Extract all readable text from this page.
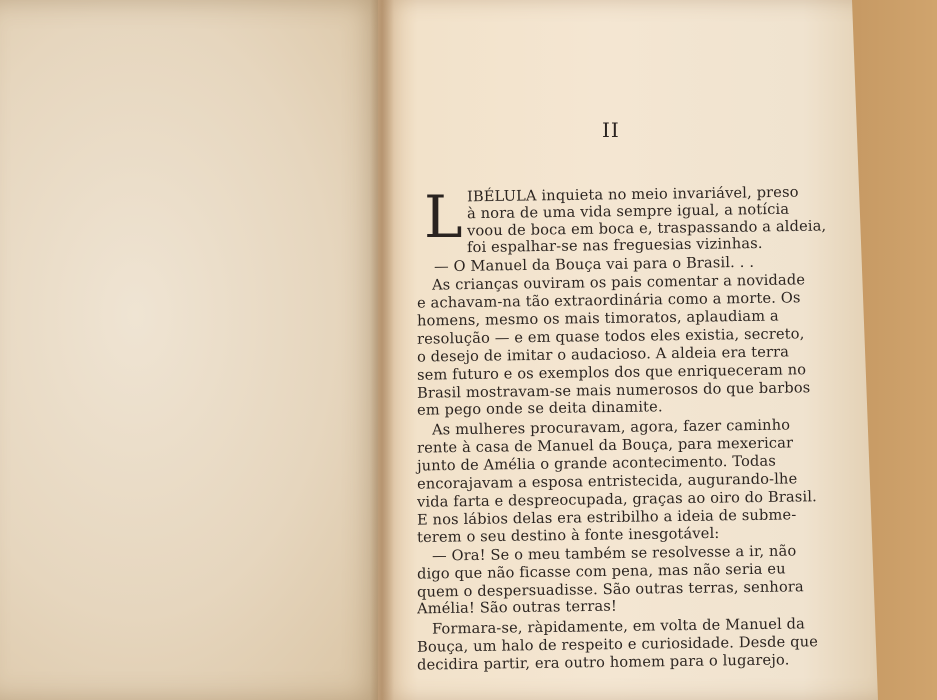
II
L IBÉLULA inquieta no meio invariável, preso
à nora de uma vida sempre igual, a notícia
voou de boca em boca e, traspassando a aldeia,
foi espalhar-se nas freguesias vizinhas.
— O Manuel da Bouça vai para o Brasil. . .
As crianças ouviram os pais comentar a novidade
e achavam-na tão extraordinária como a morte. Os
homens, mesmo os mais timoratos, aplaudiam a
resolução — e em quase todos eles existia, secreto,
o desejo de imitar o audacioso. A aldeia era terra
sem futuro e os exemplos dos que enriqueceram no
Brasil mostravam-se mais numerosos do que barbos
em pego onde se deita dinamite.
As mulheres procuravam, agora, fazer caminho
rente à casa de Manuel da Bouça, para mexericar
junto de Amélia o grande acontecimento. Todas
encorajavam a esposa entristecida, augurando-lhe
vida farta e despreocupada, graças ao oiro do Brasil.
E nos lábios delas era estribilho a ideia de subme-
terem o seu destino à fonte inesgotável:
— Ora! Se o meu também se resolvesse a ir, não
digo que não ficasse com pena, mas não seria eu
quem o despersuadisse. São outras terras, senhora
Amélia! São outras terras!
Formara-se, ràpidamente, em volta de Manuel da
Bouça, um halo de respeito e curiosidade. Desde que
decidira partir, era outro homem para o lugarejo.
